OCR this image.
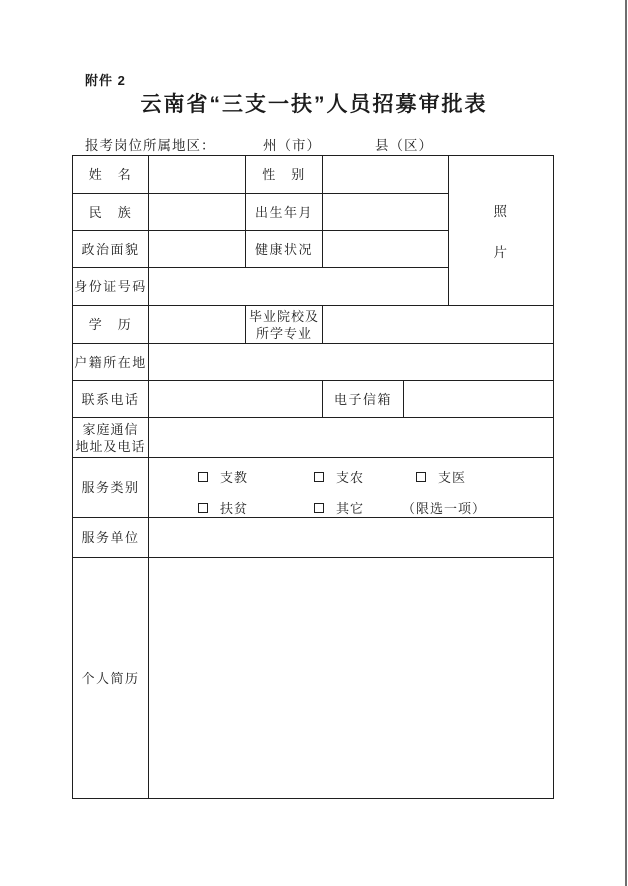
附件 2
云南省“三支一扶”人员招募审批表
报考岗位所属地区：	州（市）	县（区）
姓　名		性　别			照
片

民　族		出生年月			
政治面貌		健康状况			
身份证号码					
学　历		毕业院校及
所学专业			

户籍所在地					
联系电话			电子信箱		

家庭通信
地址及电话					

服务类别	
支教	支农	支医
扶贫	其它	（限选一项）

服务单位					
个人简历					
